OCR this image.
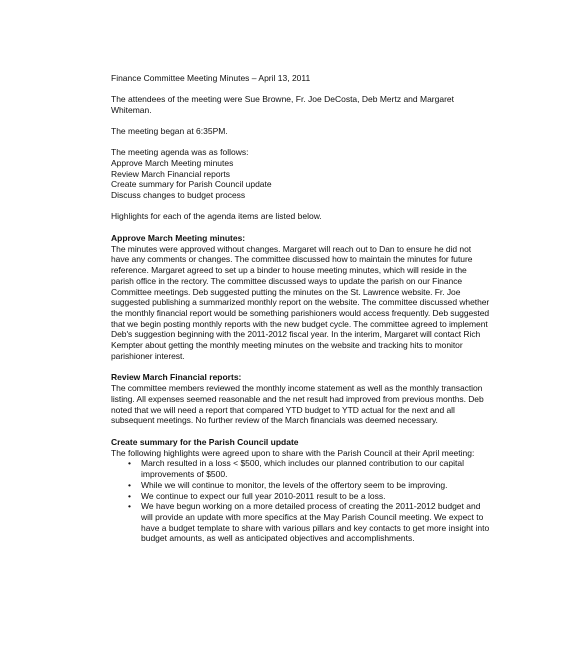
Finance Committee Meeting Minutes – April 13, 2011

The attendees of the meeting were Sue Browne, Fr. Joe DeCosta, Deb Mertz and Margaret Whiteman.

The meeting began at 6:35PM.

The meeting agenda was as follows:

Approve March Meeting minutes
Review March Financial reports
Create summary for Parish Council update
Discuss changes to budget process

Highlights for each of the agenda items are listed below.

Approve March Meeting minutes:

The minutes were approved without changes. Margaret will reach out to Dan to ensure he did not have any comments or changes. The committee discussed how to maintain the minutes for future reference. Margaret agreed to set up a binder to house meeting minutes, which will reside in the parish office in the rectory. The committee discussed ways to update the parish on our Finance Committee meetings. Deb suggested putting the minutes on the St. Lawrence website. Fr. Joe suggested publishing a summarized monthly report on the website. The committee discussed whether the monthly financial report would be something parishioners would access frequently. Deb suggested that we begin posting monthly reports with the new budget cycle. The committee agreed to implement Deb's suggestion beginning with the 2011-2012 fiscal year. In the interim, Margaret will contact Rich Kempter about getting the monthly meeting minutes on the website and tracking hits to monitor parishioner interest.

Review March Financial reports:

The committee members reviewed the monthly income statement as well as the monthly transaction listing. All expenses seemed reasonable and the net result had improved from previous months. Deb noted that we will need a report that compared YTD budget to YTD actual for the next and all subsequent meetings. No further review of the March financials was deemed necessary.

Create summary for the Parish Council update

The following highlights were agreed upon to share with the Parish Council at their April meeting:

• March resulted in a loss < $500, which includes our planned contribution to our capital improvements of $500.
• While we will continue to monitor, the levels of the offertory seem to be improving.
• We continue to expect our full year 2010-2011 result to be a loss.
• We have begun working on a more detailed process of creating the 2011-2012 budget and will provide an update with more specifics at the May Parish Council meeting. We expect to have a budget template to share with various pillars and key contacts to get more insight into budget amounts, as well as anticipated objectives and accomplishments.
